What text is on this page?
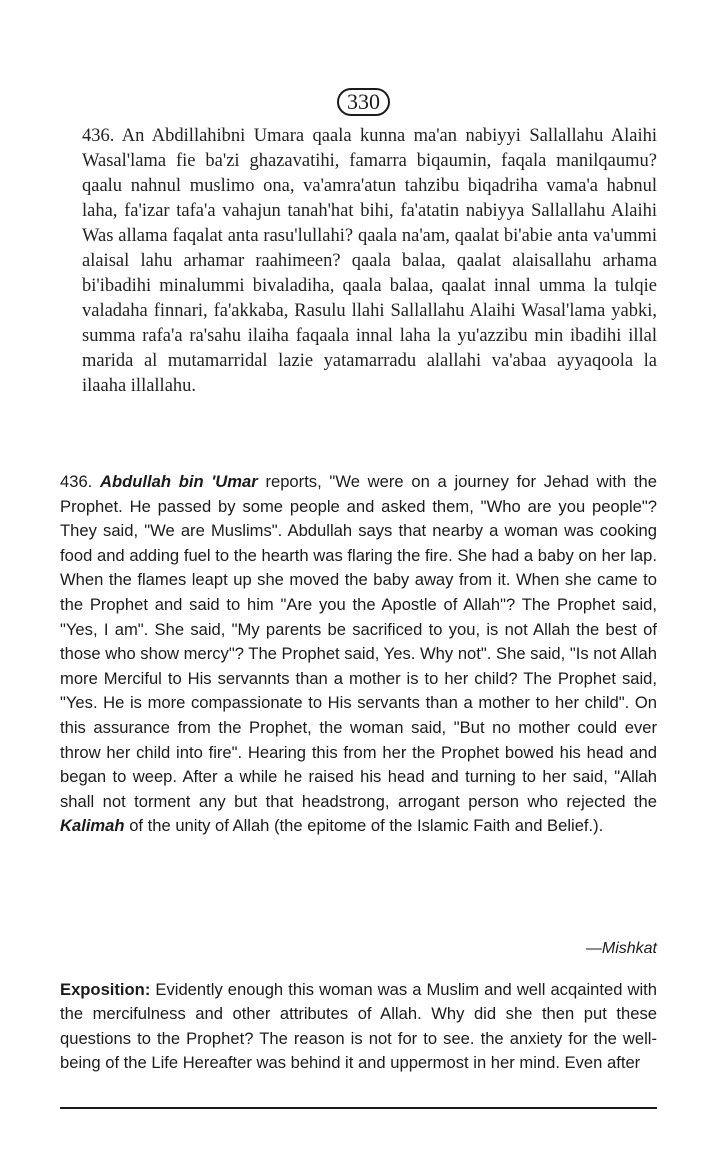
330

436. An Abdillahibni Umara qaala kunna ma'an nabiyyi Sallallahu Alaihi Wasal'lama fie ba'zi ghazavatihi, famarra biqaumin, faqala manilqaumu? qaalu nahnul muslimo ona, va'amra'atun tahzibu biqadriha vama'a habnul laha, fa'izar tafa'a vahajun tanah'hat bihi, fa'atatin nabiyya Sallallahu Alaihi Was allama faqalat anta rasu'lullahi? qaala na'am, qaalat bi'abie anta va'ummi alaisal lahu arhamar raahimeen? qaala balaa, qaalat alaisallahu arhama bi'ibadihi minalummi bivaladiha, qaala balaa, qaalat innal umma la tulqie valadaha finnari, fa'akkaba, Rasulu llahi Sallallahu Alaihi Wasal'lama yabki, summa rafa'a ra'sahu ilaiha faqaala innal laha la yu'azzibu min ibadihi illal marida al mutamarridal lazie yatamarradu alallahi va'abaa ayyaqoola la ilaaha illallahu.

436. Abdullah bin 'Umar reports, "We were on a journey for Jehad with the Prophet. He passed by some people and asked them, "Who are you people"? They said, "We are Muslims". Abdullah says that nearby a woman was cooking food and adding fuel to the hearth was flaring the fire. She had a baby on her lap. When the flames leapt up she moved the baby away from it. When she came to the Prophet and said to him "Are you the Apostle of Allah"? The Prophet said, "Yes, I am". She said, "My parents be sacrificed to you, is not Allah the best of those who show mercy"? The Prophet said, Yes. Why not". She said, "Is not Allah more Merciful to His servannts than a mother is to her child? The Prophet said, "Yes. He is more compassionate to His servants than a mother to her child". On this assurance from the Prophet, the woman said, "But no mother could ever throw her child into fire". Hearing this from her the Prophet bowed his head and began to weep. After a while he raised his head and turning to her said, "Allah shall not torment any but that headstrong, arrogant person who rejected the Kalimah of the unity of Allah (the epitome of the Islamic Faith and Belief.).

—Mishkat

Exposition: Evidently enough this woman was a Muslim and well acqainted with the mercifulness and other attributes of Allah. Why did she then put these questions to the Prophet? The reason is not for to see. the anxiety for the well-being of the Life Hereafter was behind it and uppermost in her mind. Even after
